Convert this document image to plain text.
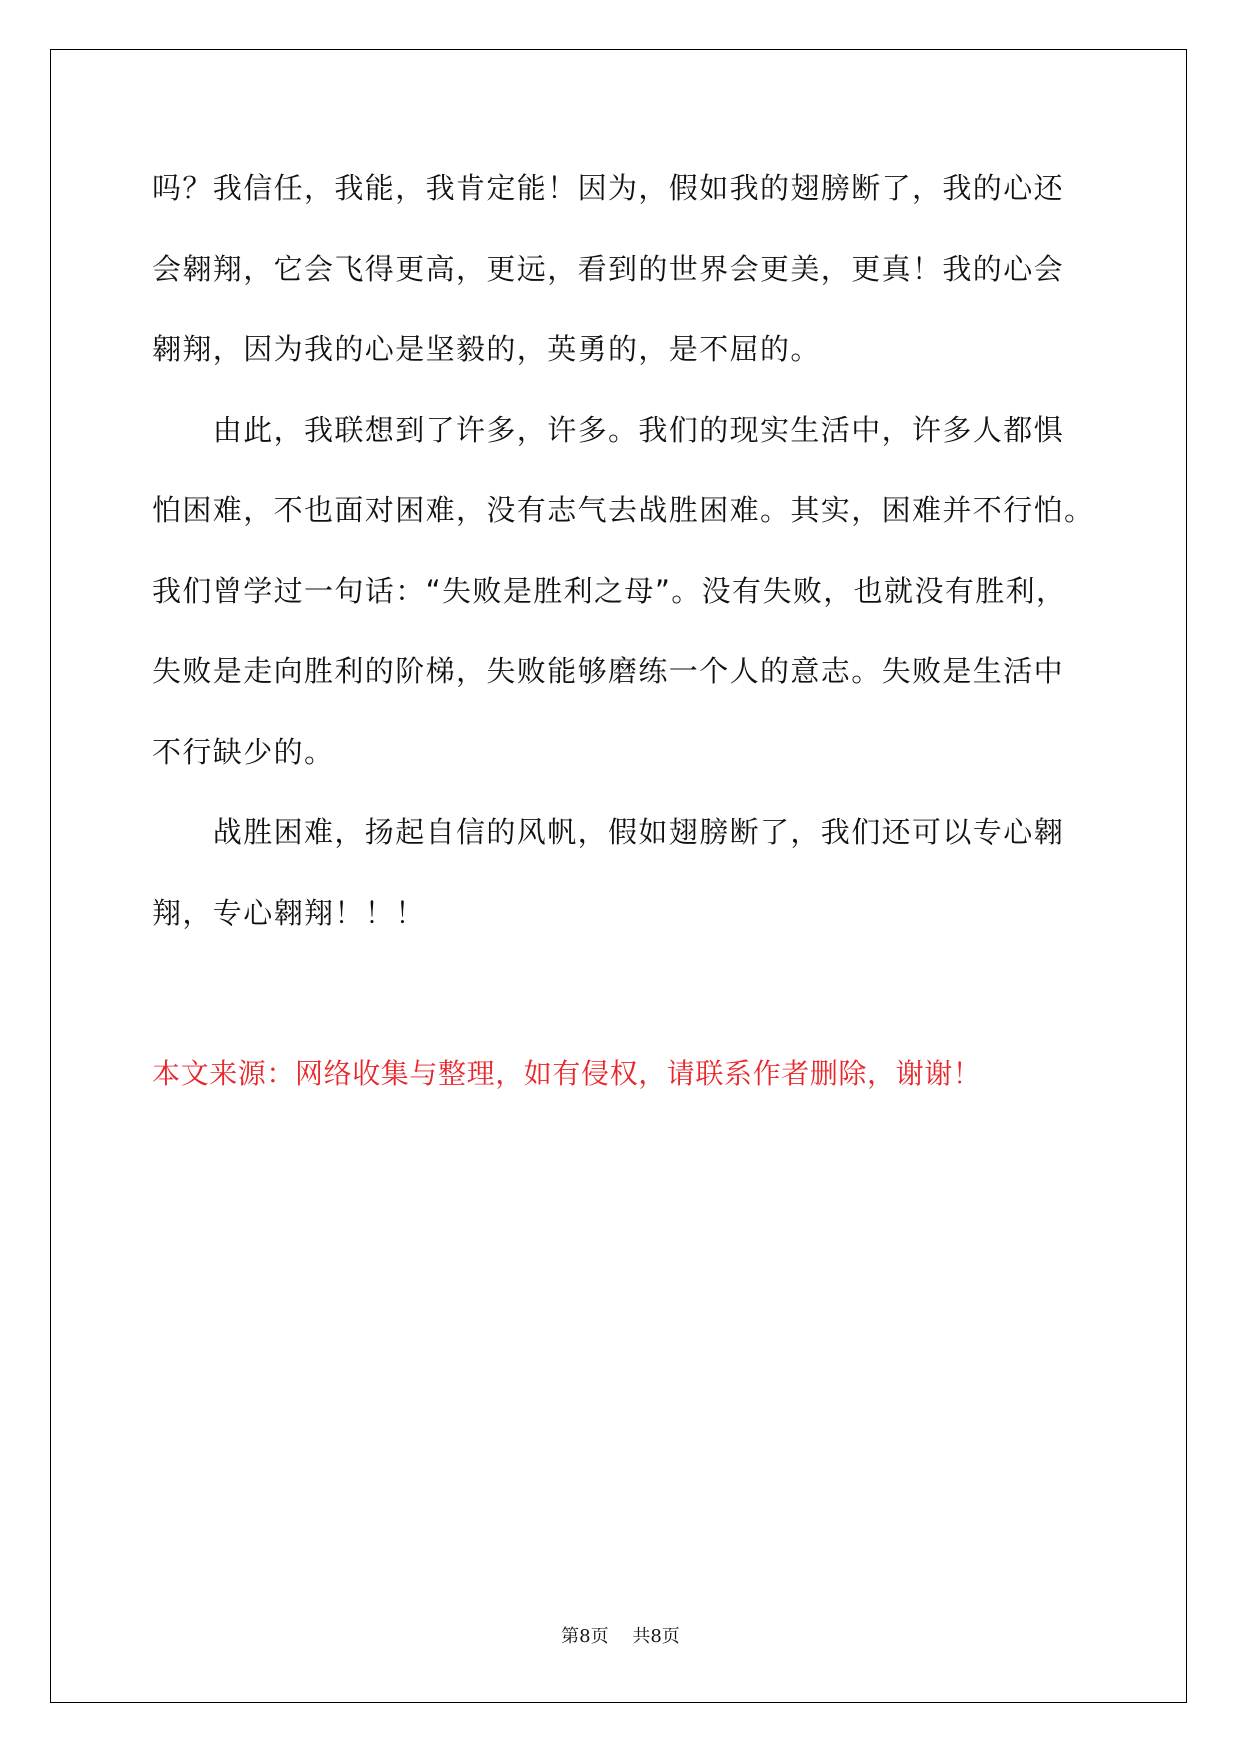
吗？我信任，我能，我肯定能！因为，假如我的翅膀断了，我的心还
会翱翔，它会飞得更高，更远，看到的世界会更美，更真！我的心会
翱翔，因为我的心是坚毅的，英勇的，是不屈的。
　　由此，我联想到了许多，许多。我们的现实生活中，许多人都惧
怕困难，不也面对困难，没有志气去战胜困难。其实，困难并不行怕。
我们曾学过一句话：“失败是胜利之母”。没有失败，也就没有胜利，
失败是走向胜利的阶梯，失败能够磨练一个人的意志。失败是生活中
不行缺少的。
　　战胜困难，扬起自信的风帆，假如翅膀断了，我们还可以专心翱
翔，专心翱翔！！！
本文来源：网络收集与整理，如有侵权，请联系作者删除，谢谢！
第8页　 共8页
